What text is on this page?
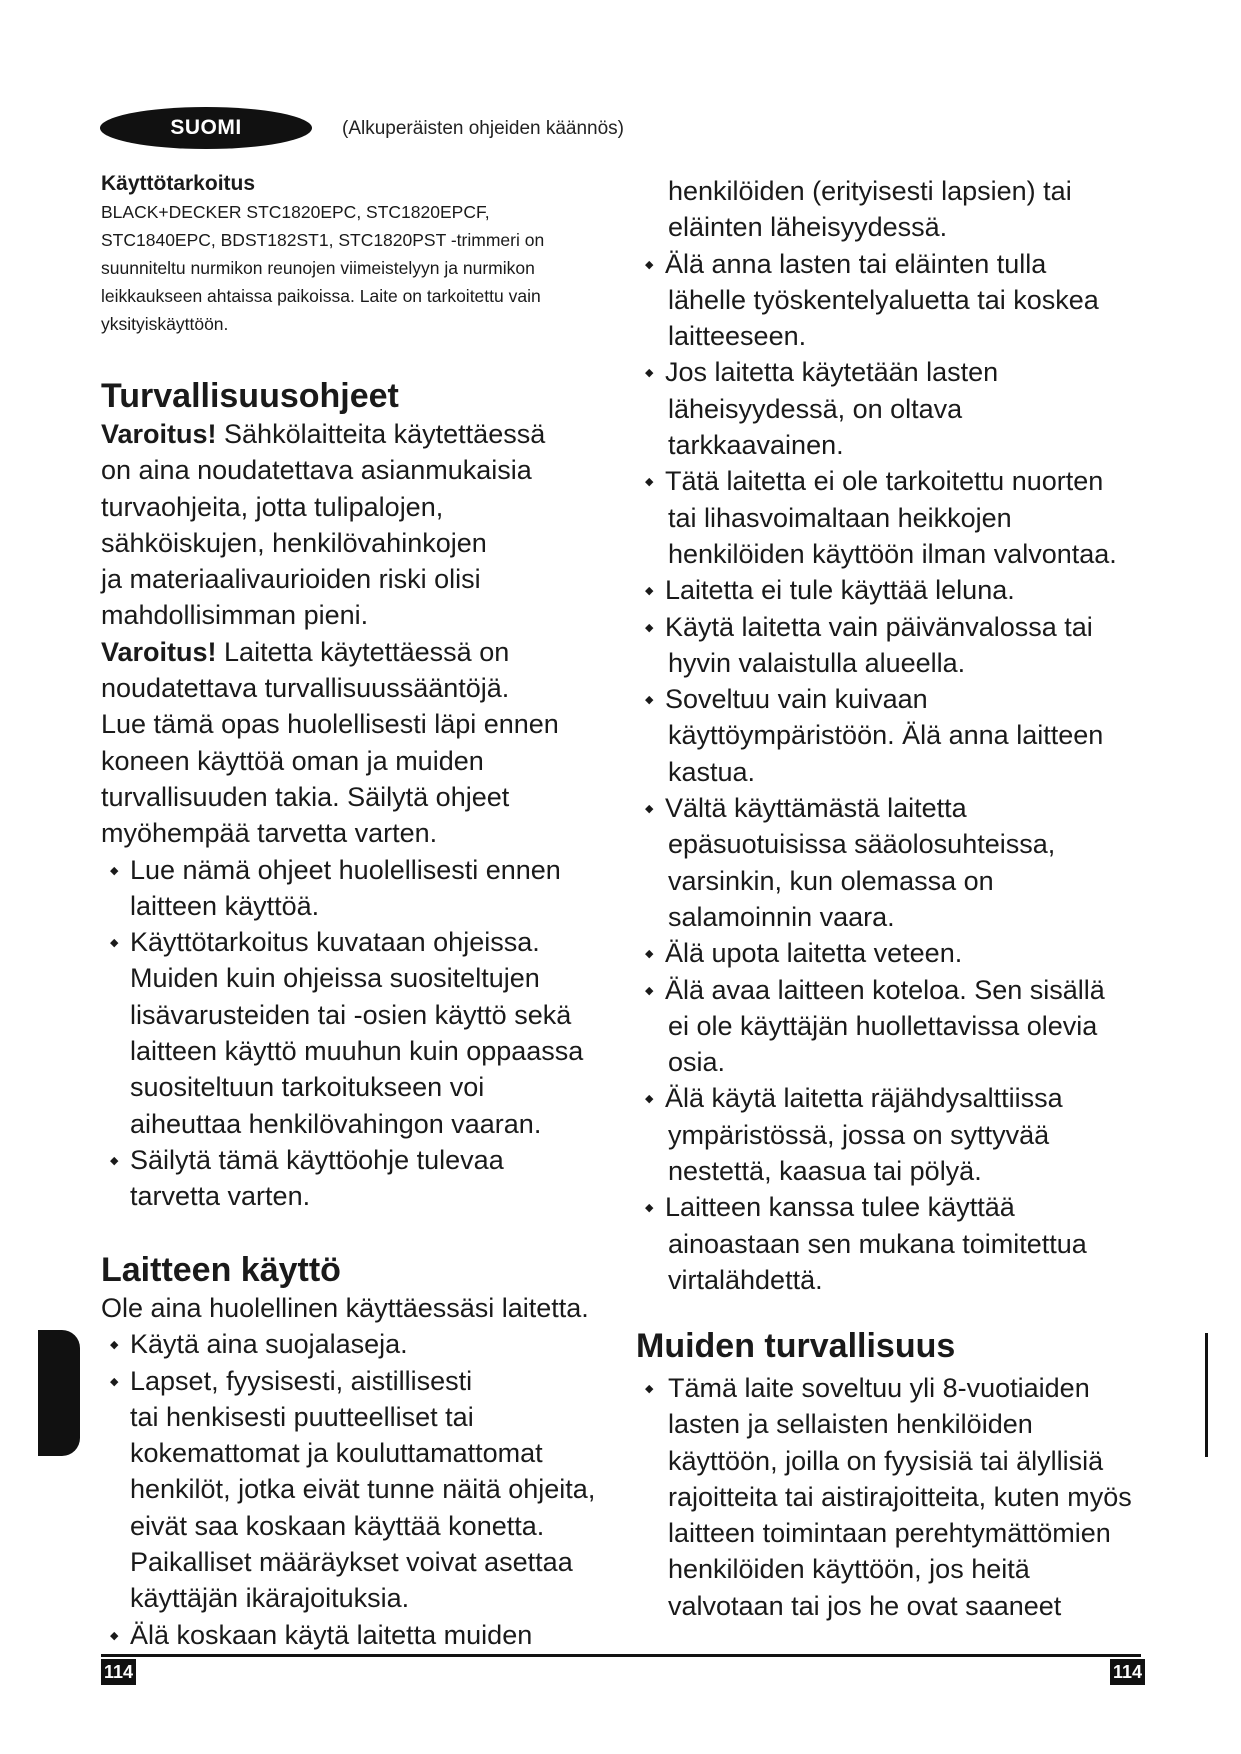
SUOMI	(Alkuperäisten ohjeiden käännös)
Käyttötarkoitus
BLACK+DECKER STC1820EPC, STC1820EPCF,
STC1840EPC, BDST182ST1, STC1820PST -trimmeri on
suunniteltu nurmikon reunojen viimeistelyyn ja nurmikon
leikkaukseen ahtaissa paikoissa. Laite on tarkoitettu vain
yksityiskäyttöön.
Turvallisuusohjeet
Varoitus! Sähkölaitteita käytettäessä
on aina noudatettava asianmukaisia
turvaohjeita, jotta tulipalojen,
sähköiskujen, henkilövahinkojen
ja materiaalivaurioiden riski olisi
mahdollisimman pieni.
Varoitus! Laitetta käytettäessä on
noudatettava turvallisuussääntöjä.
Lue tämä opas huolellisesti läpi ennen
koneen käyttöä oman ja muiden
turvallisuuden takia. Säilytä ohjeet
myöhempää tarvetta varten.
◆ Lue nämä ohjeet huolellisesti ennen
laitteen käyttöä.
◆ Käyttötarkoitus kuvataan ohjeissa.
Muiden kuin ohjeissa suositeltujen
lisävarusteiden tai -osien käyttö sekä
laitteen käyttö muuhun kuin oppaassa
suositeltuun tarkoitukseen voi
aiheuttaa henkilövahingon vaaran.
◆ Säilytä tämä käyttöohje tulevaa
tarvetta varten.
Laitteen käyttö
Ole aina huolellinen käyttäessäsi laitetta.
◆ Käytä aina suojalaseja.
◆ Lapset, fyysisesti, aistillisesti
tai henkisesti puutteelliset tai
kokemattomat ja kouluttamattomat
henkilöt, jotka eivät tunne näitä ohjeita,
eivät saa koskaan käyttää konetta.
Paikalliset määräykset voivat asettaa
käyttäjän ikärajoituksia.
◆ Älä koskaan käytä laitetta muiden
henkilöiden (erityisesti lapsien) tai
eläinten läheisyydessä.
◆ Älä anna lasten tai eläinten tulla
lähelle työskentelyaluetta tai koskea
laitteeseen.
◆ Jos laitetta käytetään lasten
läheisyydessä, on oltava
tarkkaavainen.
◆ Tätä laitetta ei ole tarkoitettu nuorten
tai lihasvoimaltaan heikkojen
henkilöiden käyttöön ilman valvontaa.
◆ Laitetta ei tule käyttää leluna.
◆ Käytä laitetta vain päivänvalossa tai
hyvin valaistulla alueella.
◆ Soveltuu vain kuivaan
käyttöympäristöön. Älä anna laitteen
kastua.
◆ Vältä käyttämästä laitetta
epäsuotuisissa sääolosuhteissa,
varsinkin, kun olemassa on
salamoinnin vaara.
◆ Älä upota laitetta veteen.
◆ Älä avaa laitteen koteloa. Sen sisällä
ei ole käyttäjän huollettavissa olevia
osia.
◆ Älä käytä laitetta räjähdysalttiissa
ympäristössä, jossa on syttyvää
nestettä, kaasua tai pölyä.
◆ Laitteen kanssa tulee käyttää
ainoastaan sen mukana toimitettua
virtalähdettä.
Muiden turvallisuus
◆ Tämä laite soveltuu yli 8-vuotiaiden
lasten ja sellaisten henkilöiden
käyttöön, joilla on fyysisiä tai älyllisiä
rajoitteita tai aistirajoitteita, kuten myös
laitteen toimintaan perehtymättömien
henkilöiden käyttöön, jos heitä
valvotaan tai jos he ovat saaneet
114	114
